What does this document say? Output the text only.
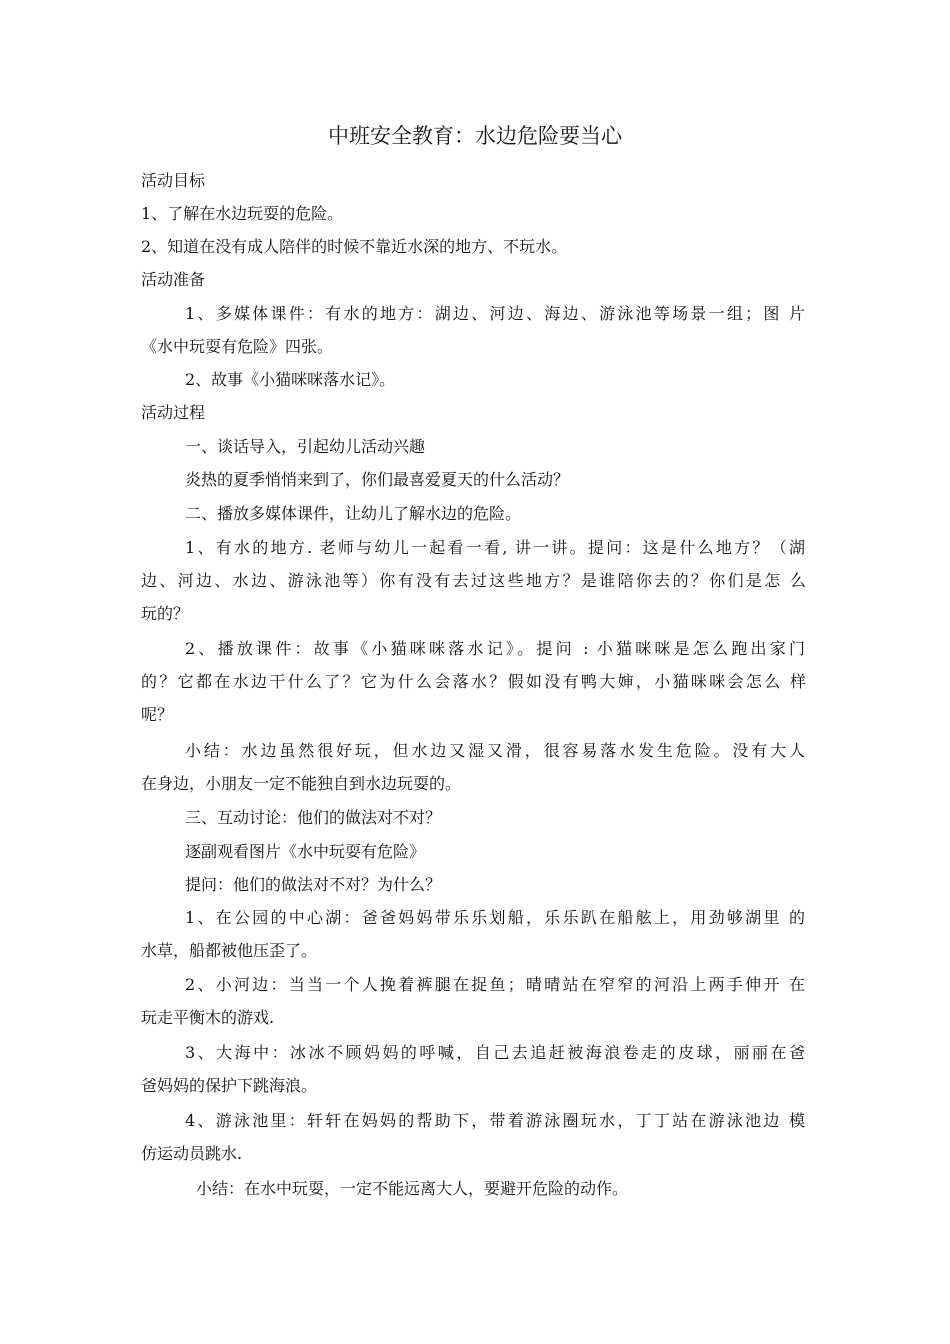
中班安全教育：水边危险要当心
活动目标
1、了解在水边玩耍的危险。
2、知道在没有成人陪伴的时候不靠近水深的地方、不玩水。
活动准备
1、多媒体课件：有水的地方：湖边、河边、海边、游泳池等场景一组；图 片
《水中玩耍有危险》四张。
2、故事《小猫咪咪落水记》。
活动过程
一、谈话导入，引起幼儿活动兴趣
炎热的夏季悄悄来到了，你们最喜爱夏天的什么活动？
二、播放多媒体课件，让幼儿了解水边的危险。
1、有水的地方. 老师与幼儿一起看一看, 讲一讲。提问：这是什么地方？（湖
边、河边、水边、游泳池等）你有没有去过这些地方？是谁陪你去的？你们是怎 么
玩的？
2、播放课件：故事《小猫咪咪落水记》。提问 : 小猫咪咪是怎么跑出家门
的？它都在水边干什么了？它为什么会落水？假如没有鸭大婶，小猫咪咪会怎么 样
呢？
小结：水边虽然很好玩，但水边又湿又滑，很容易落水发生危险。没有大人
在身边，小朋友一定不能独自到水边玩耍的。
三、互动讨论：他们的做法对不对？
逐副观看图片《水中玩耍有危险》
提问：他们的做法对不对？为什么？
1、在公园的中心湖：爸爸妈妈带乐乐划船，乐乐趴在船舷上，用劲够湖里 的
水草，船都被他压歪了。
2、小河边：当当一个人挽着裤腿在捉鱼；晴晴站在窄窄的河沿上两手伸开 在
玩走平衡木的游戏.
3、大海中：冰冰不顾妈妈的呼喊，自己去追赶被海浪卷走的皮球，丽丽在爸
爸妈妈的保护下跳海浪。
4、游泳池里：轩轩在妈妈的帮助下，带着游泳圈玩水，丁丁站在游泳池边 模
仿运动员跳水.
小结：在水中玩耍，一定不能远离大人，要避开危险的动作。
